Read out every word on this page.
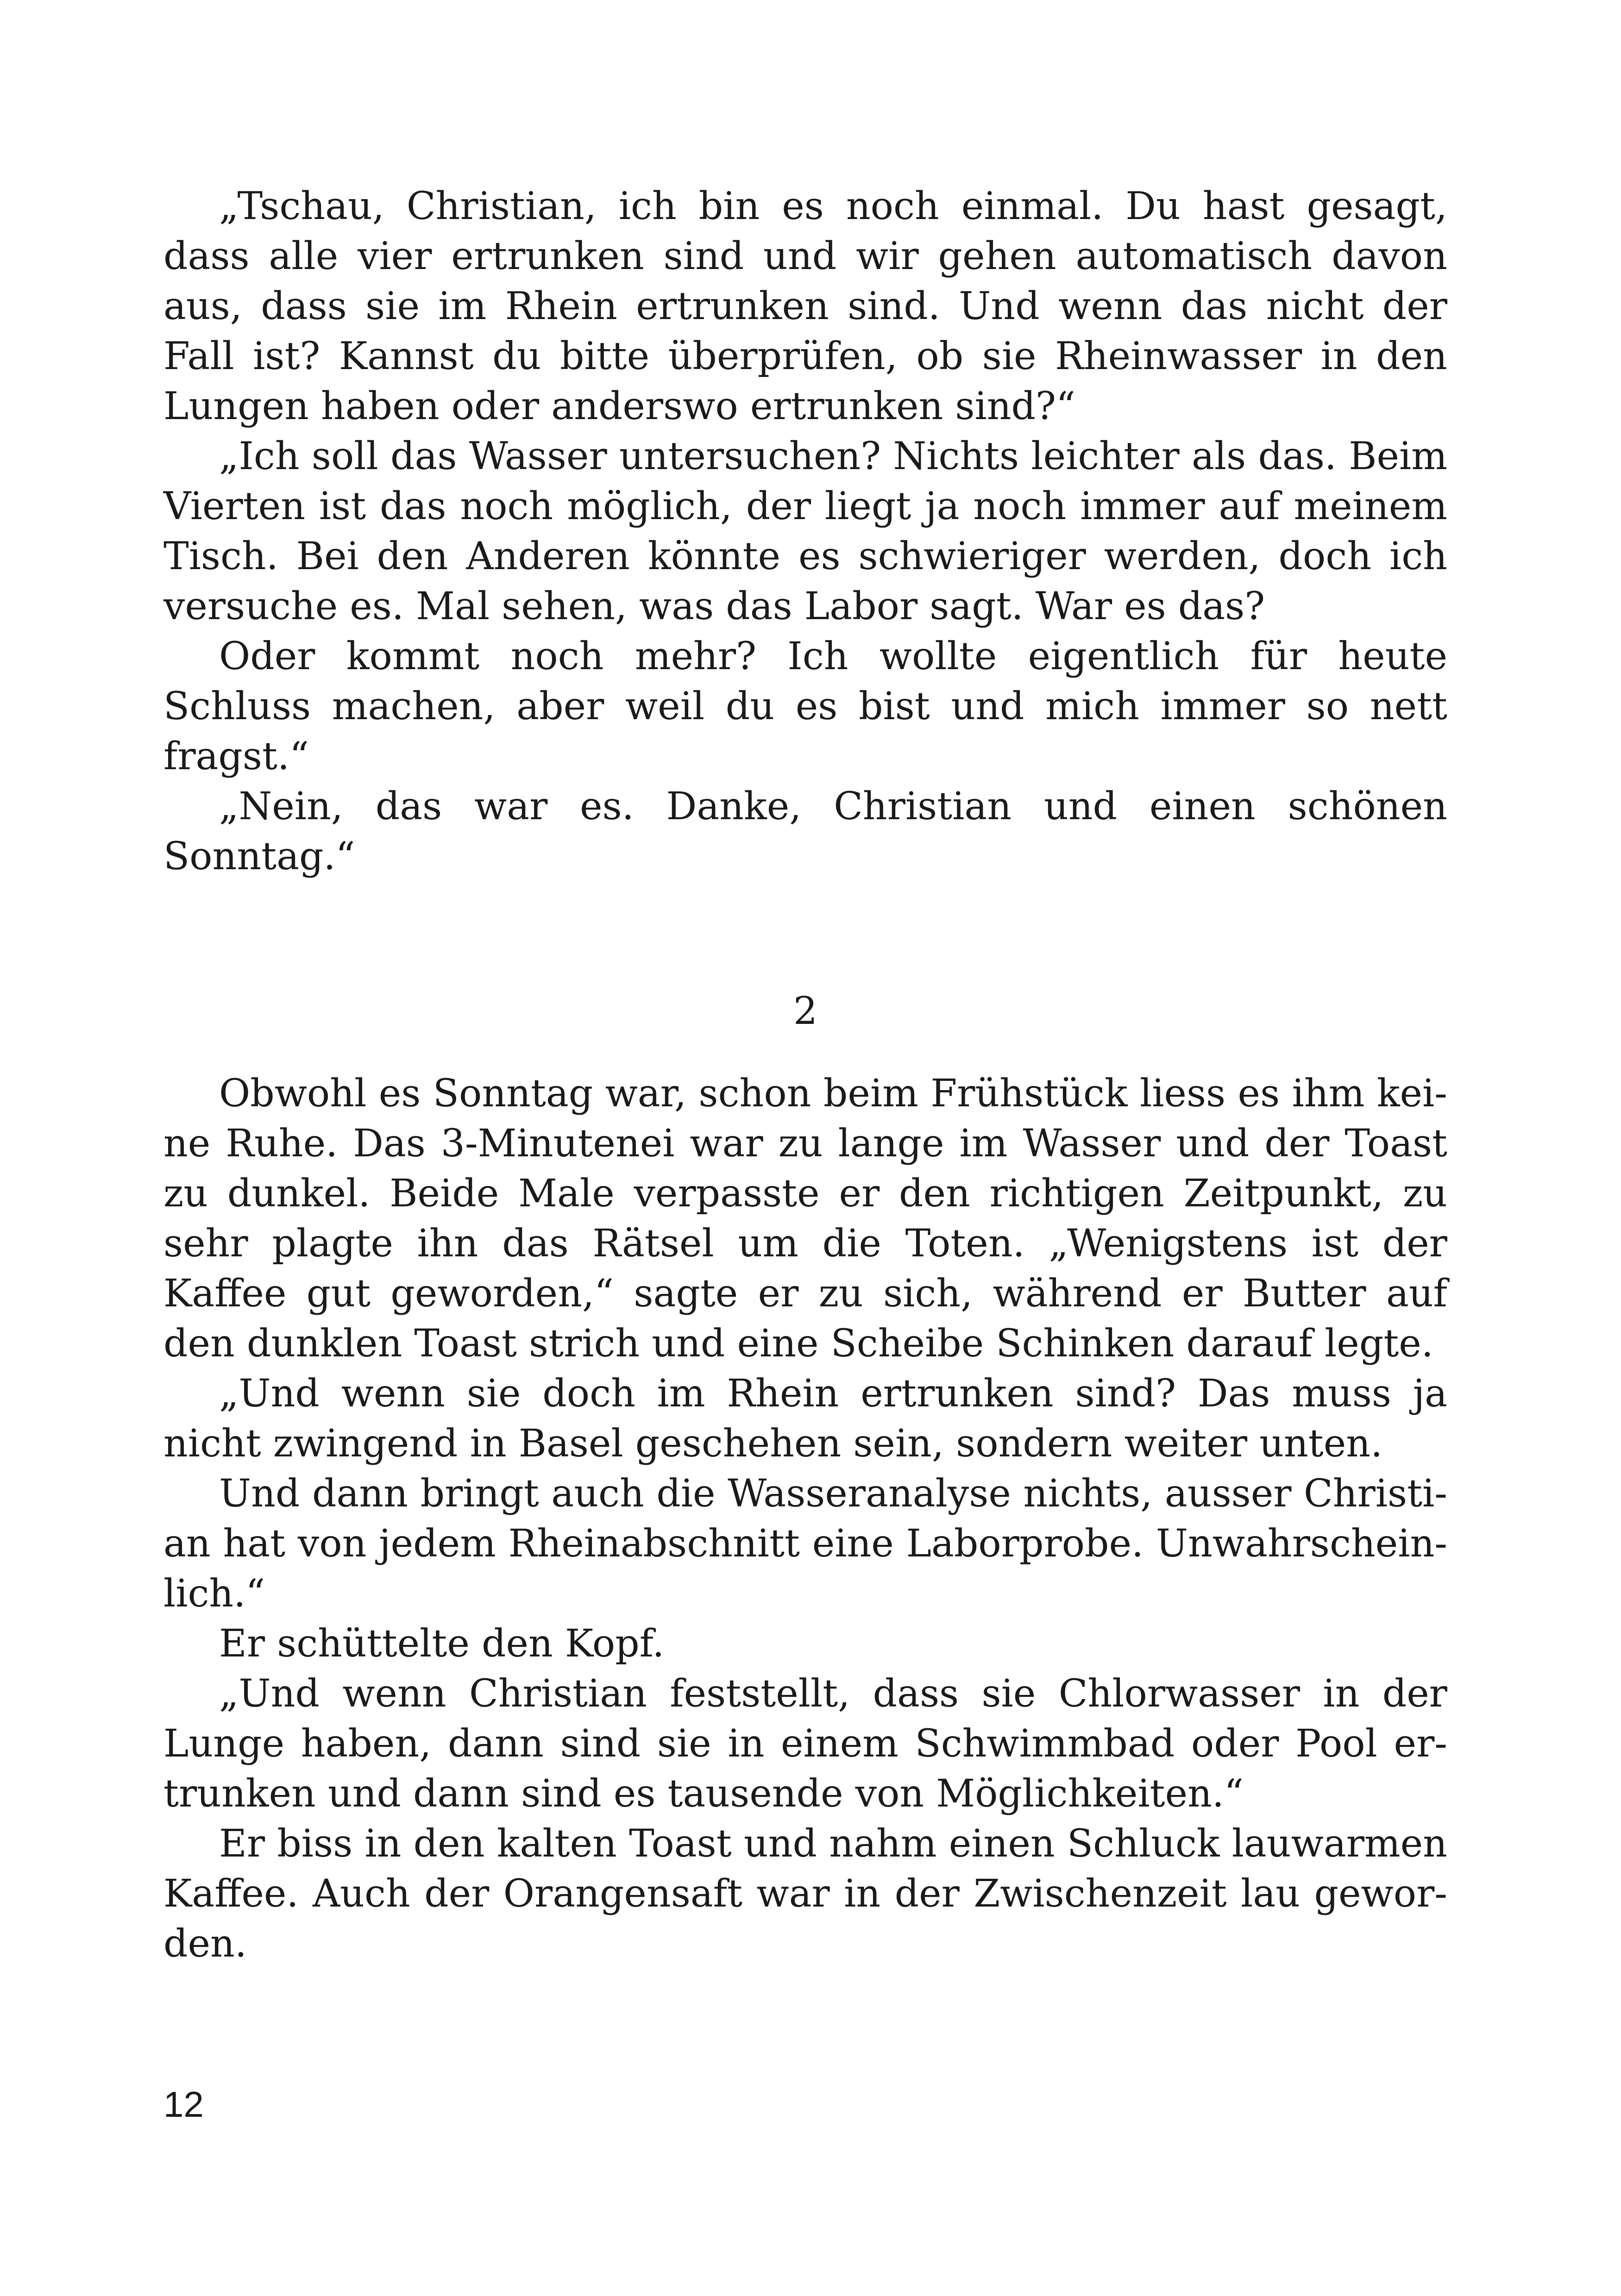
„Tschau, Christian, ich bin es noch einmal. Du hast gesagt, dass alle vier ertrunken sind und wir gehen automatisch davon aus, dass sie im Rhein ertrunken sind. Und wenn das nicht der Fall ist? Kannst du bitte überprüfen, ob sie Rheinwasser in den Lungen haben oder anderswo ertrunken sind?“

„Ich soll das Wasser untersuchen? Nichts leichter als das. Beim Vierten ist das noch möglich, der liegt ja noch immer auf meinem Tisch. Bei den Anderen könnte es schwieriger werden, doch ich versuche es. Mal sehen, was das Labor sagt. War es das?

Oder kommt noch mehr? Ich wollte eigentlich für heute Schluss machen, aber weil du es bist und mich immer so nett fragst.“

„Nein, das war es. Danke, Christian und einen schönen Sonntag.“

2

Obwohl es Sonntag war, schon beim Frühstück liess es ihm keine Ruhe. Das 3-Minutenei war zu lange im Wasser und der Toast zu dunkel. Beide Male verpasste er den richtigen Zeitpunkt, zu sehr plagte ihn das Rätsel um die Toten. „Wenigstens ist der Kaffee gut geworden,“ sagte er zu sich, während er Butter auf den dunklen Toast strich und eine Scheibe Schinken darauf legte.

„Und wenn sie doch im Rhein ertrunken sind? Das muss ja nicht zwingend in Basel geschehen sein, sondern weiter unten.

Und dann bringt auch die Wasseranalyse nichts, ausser Christian hat von jedem Rheinabschnitt eine Laborprobe. Unwahrscheinlich.“

Er schüttelte den Kopf.

„Und wenn Christian feststellt, dass sie Chlorwasser in der Lunge haben, dann sind sie in einem Schwimmbad oder Pool ertrunken und dann sind es tausende von Möglichkeiten.“

Er biss in den kalten Toast und nahm einen Schluck lauwarmen Kaffee. Auch der Orangensaft war in der Zwischenzeit lau geworden.

12
